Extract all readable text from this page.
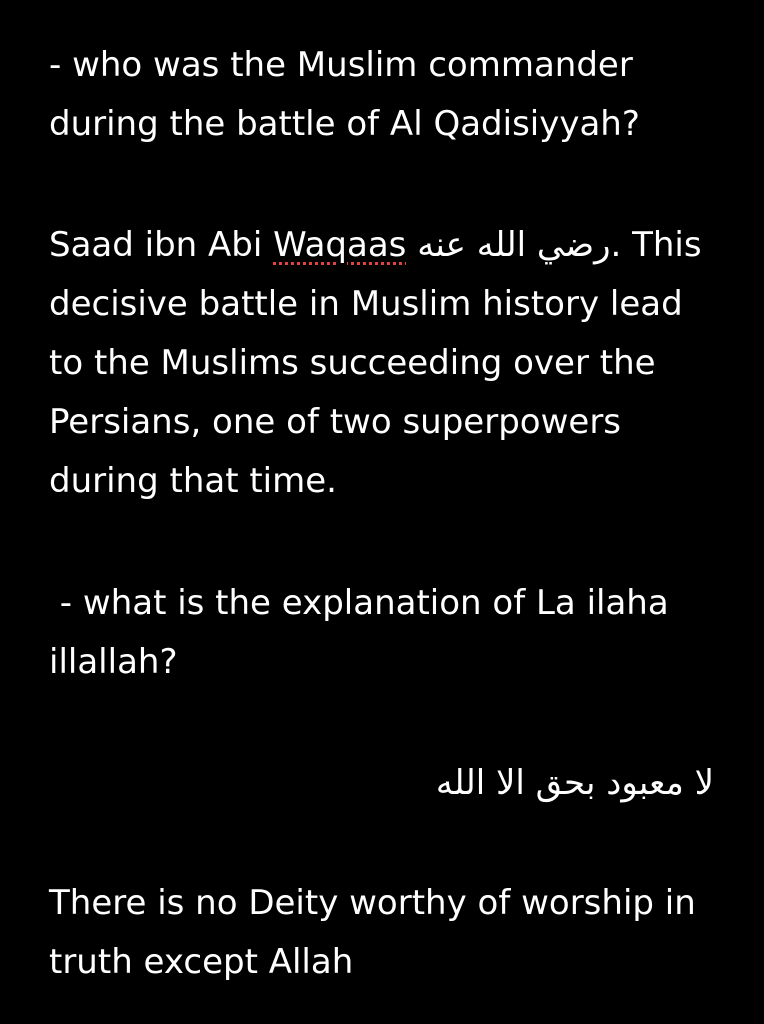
- who was the Muslim commander
during the battle of Al Qadisiyyah?
Saad ibn Abi Waqaas رضي الله عنه. This
decisive battle in Muslim history lead
to the Muslims succeeding over the
Persians, one of two superpowers
during that time.
- what is the explanation of La ilaha
illallah?
لا معبود بحق الا الله
There is no Deity worthy of worship in
truth except Allah
